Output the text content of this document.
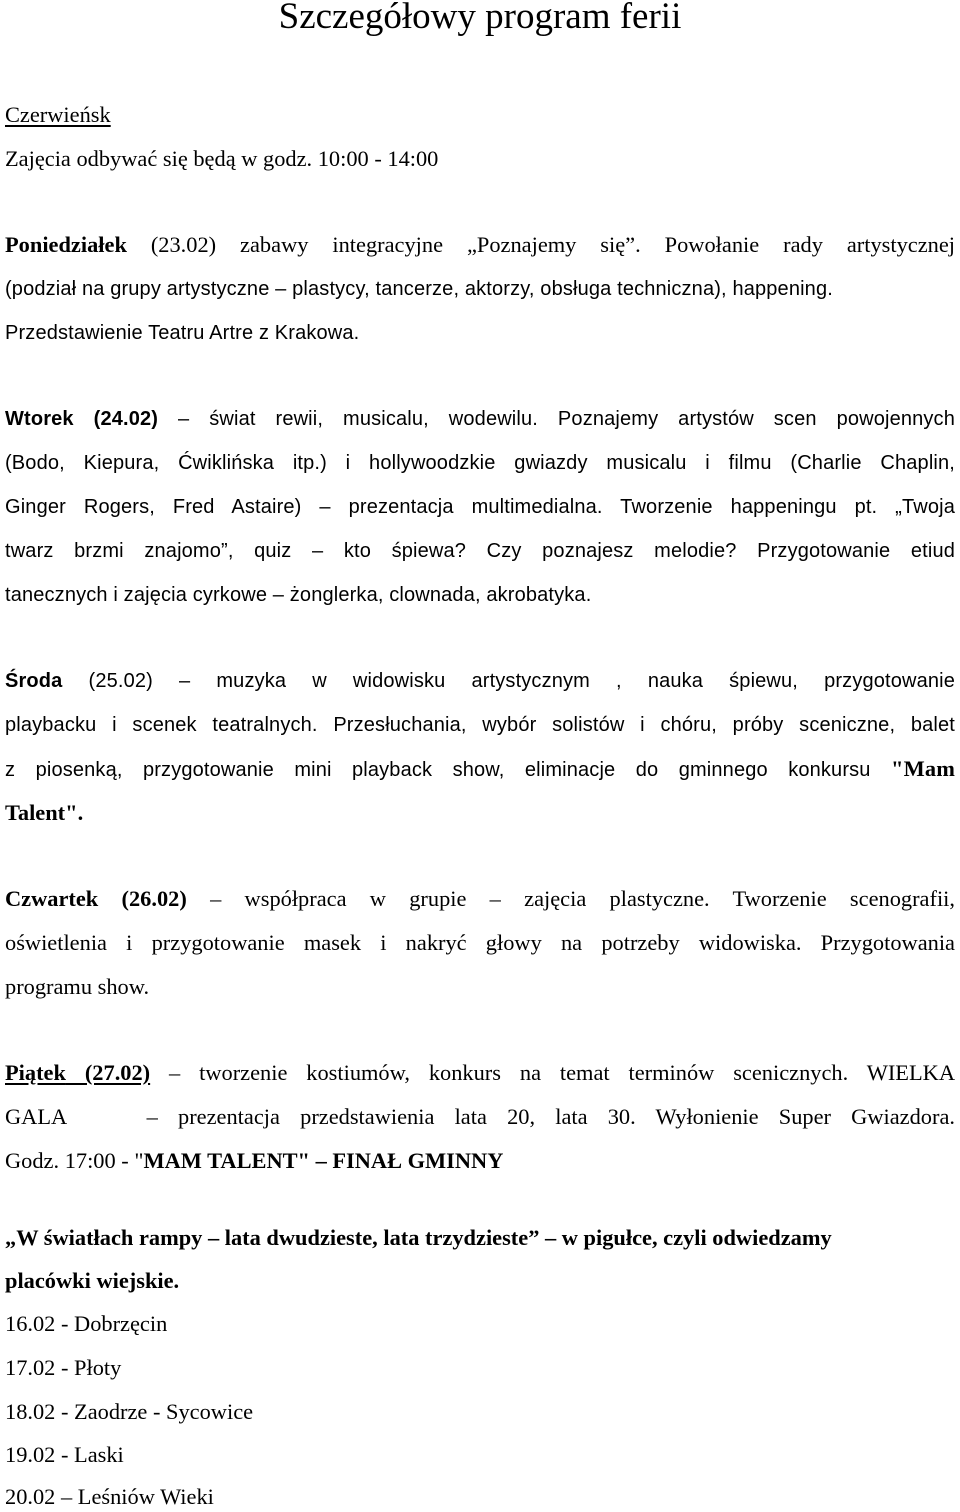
Szczegółowy program ferii
Czerwieńsk
Zajęcia odbywać się będą w godz. 10:00 - 14:00
Poniedziałek (23.02) zabawy integracyjne „Poznajemy się”. Powołanie rady artystycznej
(podział na grupy artystyczne – plastycy, tancerze, aktorzy, obsługa techniczna), happening.
Przedstawienie Teatru Artre z Krakowa.
Wtorek (24.02) – świat rewii, musicalu, wodewilu. Poznajemy artystów scen powojennych
(Bodo, Kiepura, Ćwiklińska itp.) i hollywoodzkie gwiazdy musicalu i filmu (Charlie Chaplin,
Ginger Rogers, Fred Astaire) – prezentacja multimedialna. Tworzenie happeningu pt. „Twoja
twarz brzmi znajomo”, quiz – kto śpiewa? Czy poznajesz melodie? Przygotowanie etiud
tanecznych i zajęcia cyrkowe – żonglerka, clownada, akrobatyka.
Środa (25.02) – muzyka w widowisku artystycznym , nauka śpiewu, przygotowanie
playbacku i scenek teatralnych. Przesłuchania, wybór solistów i chóru, próby sceniczne, balet
z piosenką, przygotowanie mini playback show, eliminacje do gminnego konkursu "Mam
Talent".
Czwartek (26.02) – współpraca w grupie – zajęcia plastyczne. Tworzenie scenografii,
oświetlenia i przygotowanie masek i nakryć głowy na potrzeby widowiska. Przygotowania
programu show.
Piątek (27.02) – tworzenie kostiumów, konkurs na temat terminów scenicznych. WIELKA
GALA    – prezentacja przedstawienia lata 20, lata 30. Wyłonienie Super Gwiazdora.
Godz. 17:00 - "MAM TALENT" – FINAŁ GMINNY
„W światłach rampy – lata dwudzieste, lata trzydzieste” – w pigułce, czyli odwiedzamy
placówki wiejskie.
16.02 - Dobrzęcin
17.02 - Płoty
18.02 - Zaodrze - Sycowice
19.02 - Laski
20.02 – Leśniów Wieki
